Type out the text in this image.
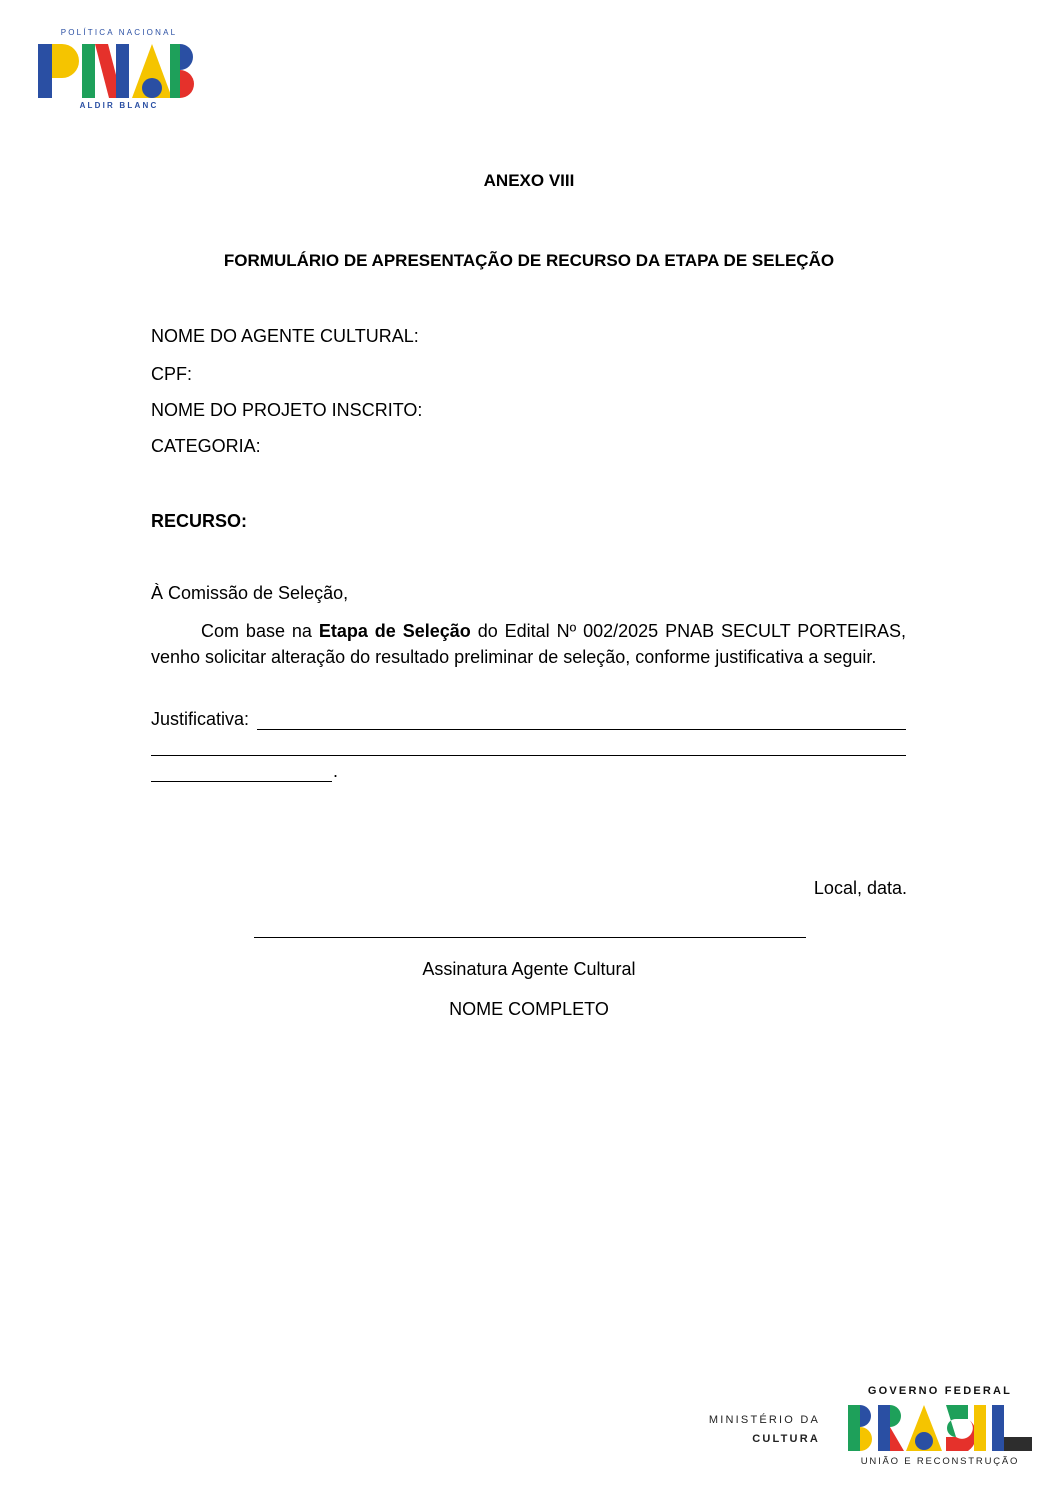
POLÍTICA NACIONAL
ALDIR BLANC
ANEXO VIII
FORMULÁRIO DE APRESENTAÇÃO DE RECURSO DA ETAPA DE SELEÇÃO
NOME DO AGENTE CULTURAL:
CPF:
NOME DO PROJETO INSCRITO:
CATEGORIA:
RECURSO:
À Comissão de Seleção,
Com base na Etapa de Seleção do Edital Nº 002/2025 PNAB SECULT PORTEIRAS, venho solicitar alteração do resultado preliminar de seleção, conforme justificativa a seguir.
Justificativa:
.
Local, data.
Assinatura Agente Cultural
NOME COMPLETO
MINISTÉRIO DA
CULTURA
GOVERNO FEDERAL
UNIÃO E RECONSTRUÇÃO
